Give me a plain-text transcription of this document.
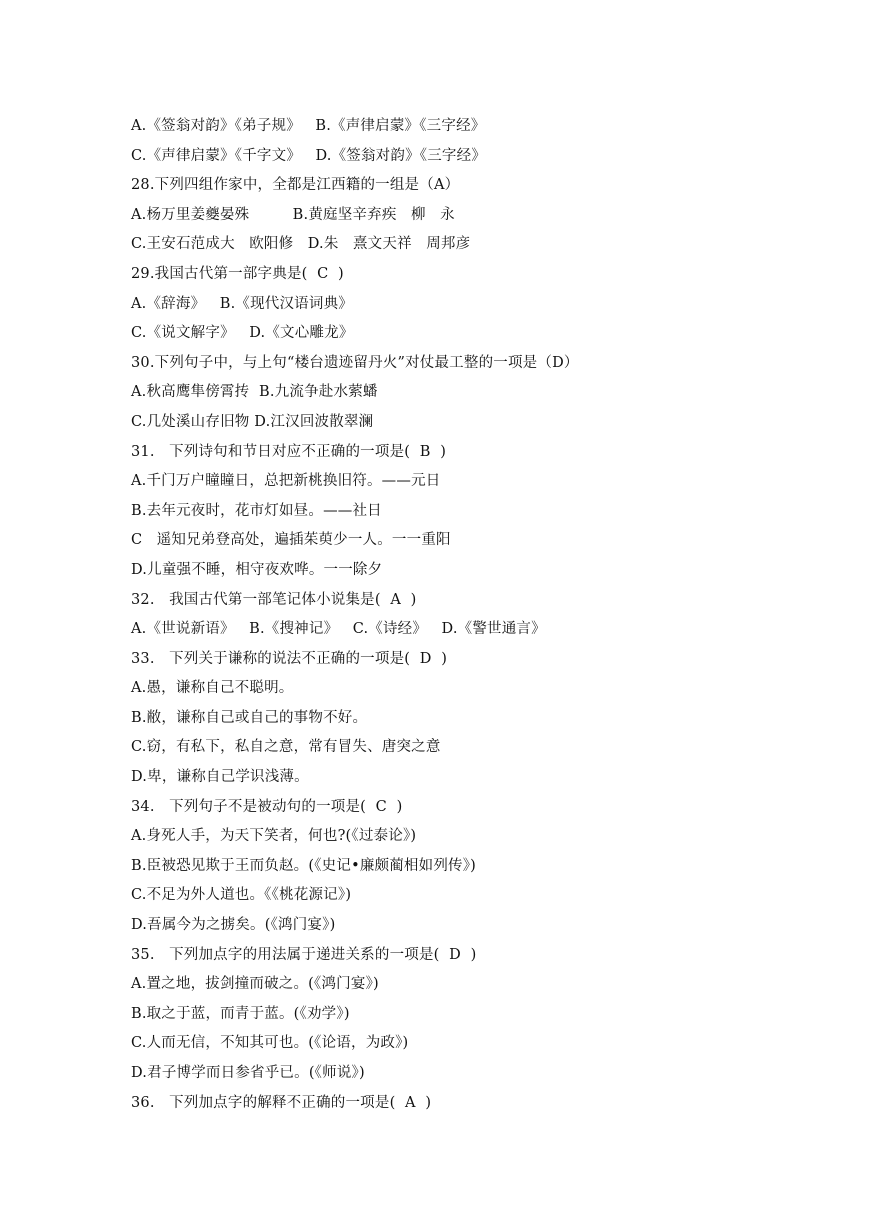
A.《签翁对韵》《弟子规》   B.《声律启蒙》《三字经》
C.《声律启蒙》《千字文》   D.《签翁对韵》《三字经》
28.下列四组作家中，全都是江西籍的一组是（A）
A.杨万里姜夔晏殊         B.黄庭坚辛弃疾   柳   永
C.王安石范成大   欧阳修   D.朱   熹文天祥   周邦彦
29.我国古代第一部字典是(  C  )
A.《辞海》   B.《现代汉语词典》
C.《说文解字》   D.《文心雕龙》
30.下列句子中，与上句“楼台遗迹留丹火”对仗最工整的一项是（D）
A.秋高鹰隼傍霄抟  B.九流争赴水萦蟠
C.几处溪山存旧物 D.江汉回波散翠澜
31.   下列诗句和节日对应不正确的一项是(  B  )
A.千门万户瞳瞳日，总把新桃换旧符。——元日
B.去年元夜时，花市灯如昼。——社日
C   遥知兄弟登高处，遍插茱萸少一人。一一重阳
D.儿童强不睡，相守夜欢哗。一一除夕
32.   我国古代第一部笔记体小说集是(  A  )
A.《世说新语》   B.《搜神记》   C.《诗经》   D.《警世通言》
33.   下列关于谦称的说法不正确的一项是(  D  )
A.愚，谦称自己不聪明。
B.敝，谦称自己或自己的事物不好。
C.窃，有私下，私自之意，常有冒失、唐突之意
D.卑，谦称自己学识浅薄。
34.   下列句子不是被动句的一项是(  C  )
A.身死人手，为天下笑者，何也?(《过泰论》)
B.臣被恐见欺于王而负赵。(《史记•廉颇蔺相如列传》)
C.不足为外人道也。《《桃花源记》)
D.吾属今为之掳矣。(《鸿门宴》)
35.   下列加点字的用法属于递进关系的一项是(  D  )
A.置之地，拔剑撞而破之。(《鸿门宴》)
B.取之于蓝，而青于蓝。(《劝学》)
C.人而无信，不知其可也。(《论语，为政》)
D.君子博学而日参省乎已。(《师说》)
36.   下列加点字的解释不正确的一项是(  A  )
